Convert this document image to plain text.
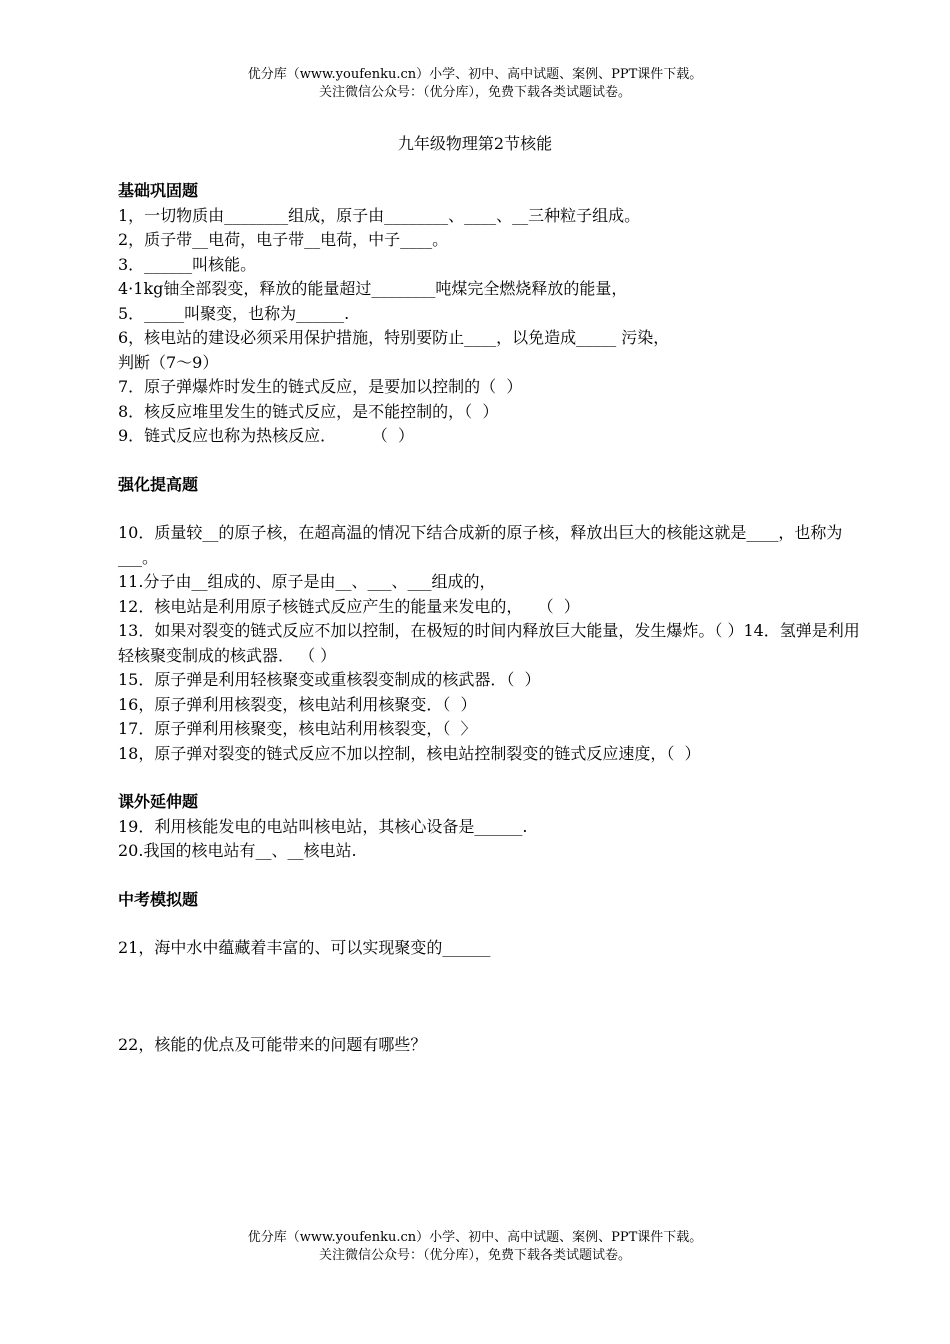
优分库（www.youfenku.cn）小学、初中、高中试题、案例、PPT课件下载。
关注微信公众号：（优分库），免费下载各类试题试卷。
九年级物理第2节核能

基础巩固题

1，一切物质由________组成，原子由________、____、__三种粒子组成。

2，质子带__电荷，电子带__电荷，中子____。

3．______叫核能。

4·1kg铀全部裂变，释放的能量超过________吨煤完全燃烧释放的能量，

5．_____叫聚变，也称为______.

6，核电站的建设必须采用保护措施，特别要防止____，以免造成_____ 污染，

判断（7～9）

7．原子弹爆炸时发生的链式反应，是要加以控制的（  ）

8．核反应堆里发生的链式反应，是不能控制的，（  ）

9．链式反应也称为热核反应．       （  ）

强化提高题

10．质量较__的原子核，在超高温的情况下结合成新的原子核，释放出巨大的核能这就是____，也称为___。

11.分子由__组成的、原子是由__、___、___组成的，

12．核电站是利用原子核链式反应产生的能量来发电的，   （  ）

13．如果对裂变的链式反应不加以控制，在极短的时间内释放巨大能量，发生爆炸。（ ）14．氢弹是利用轻核聚变制成的核武器． （ ）

15．原子弹是利用轻核聚变或重核裂变制成的核武器．（  ）

16，原子弹利用核裂变，核电站利用核聚变．（  ）

17．原子弹利用核聚变，核电站利用核裂变，（  〉

18，原子弹对裂变的链式反应不加以控制，核电站控制裂变的链式反应速度，（  ）

课外延伸题

19．利用核能发电的电站叫核电站，其核心设备是______.

20.我国的核电站有__、__核电站.

中考模拟题

21，海中水中蕴藏着丰富的、可以实现聚变的______

22，核能的优点及可能带来的问题有哪些？

优分库（www.youfenku.cn）小学、初中、高中试题、案例、PPT课件下载。
关注微信公众号：（优分库），免费下载各类试题试卷。
